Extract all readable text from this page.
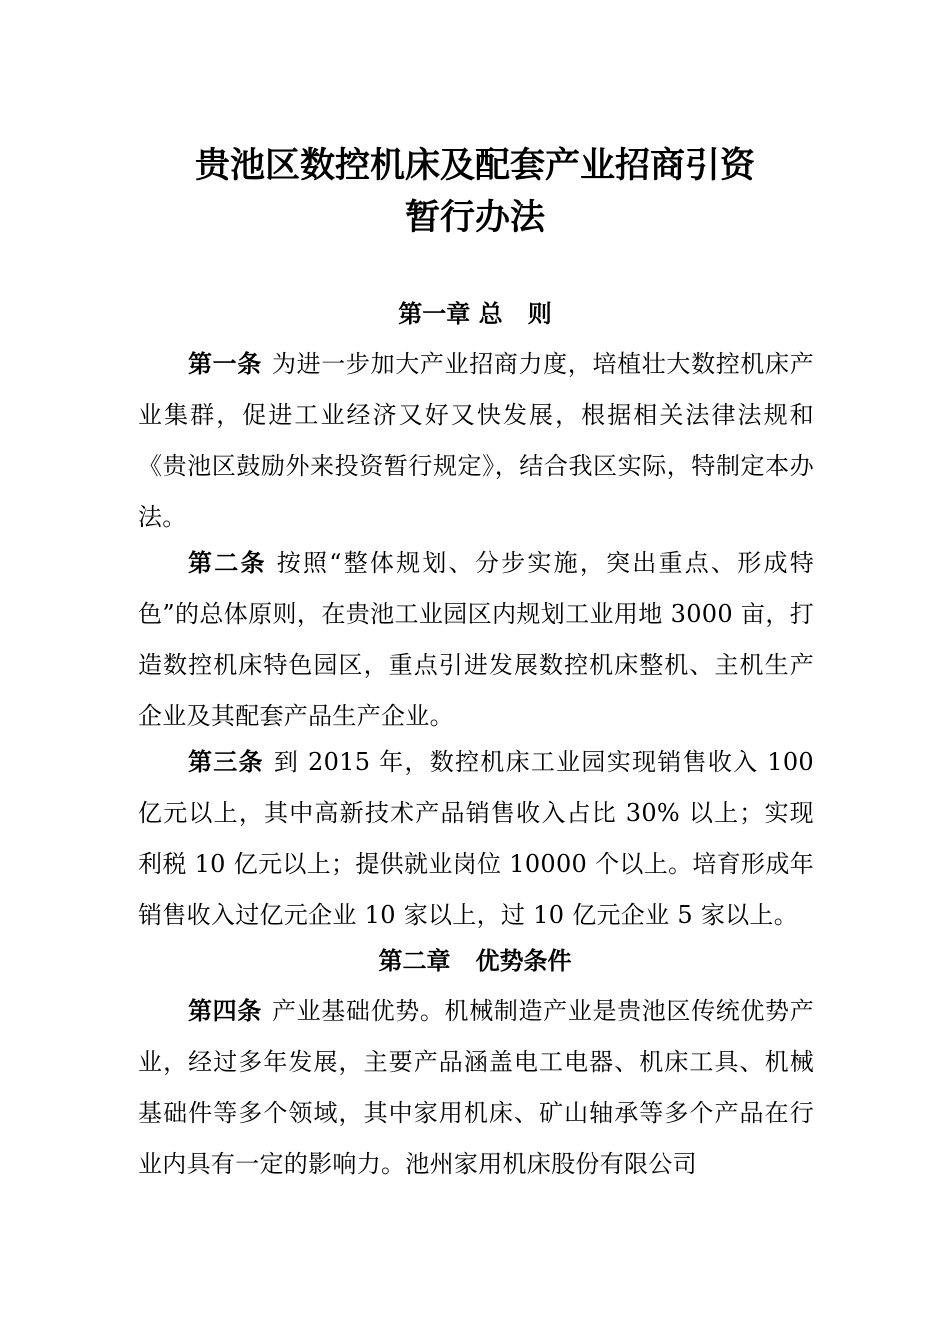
贵池区数控机床及配套产业招商引资
暂行办法
第一章 总   则
第一条 为进一步加大产业招商力度，培植壮大数控机床产业集群，促进工业经济又好又快发展，根据相关法律法规和《贵池区鼓励外来投资暂行规定》，结合我区实际，特制定本办法。
第二条 按照“整体规划、分步实施，突出重点、形成特色”的总体原则，在贵池工业园区内规划工业用地 3000 亩，打造数控机床特色园区，重点引进发展数控机床整机、主机生产企业及其配套产品生产企业。
第三条 到 2015 年，数控机床工业园实现销售收入 100 亿元以上，其中高新技术产品销售收入占比 30% 以上；实现利税 10 亿元以上；提供就业岗位 10000 个以上。培育形成年销售收入过亿元企业 10 家以上，过 10 亿元企业 5 家以上。
第二章   优势条件
第四条 产业基础优势。机械制造产业是贵池区传统优势产业，经过多年发展，主要产品涵盖电工电器、机床工具、机械基础件等多个领域，其中家用机床、矿山轴承等多个产品在行业内具有一定的影响力。池州家用机床股份有限公司
